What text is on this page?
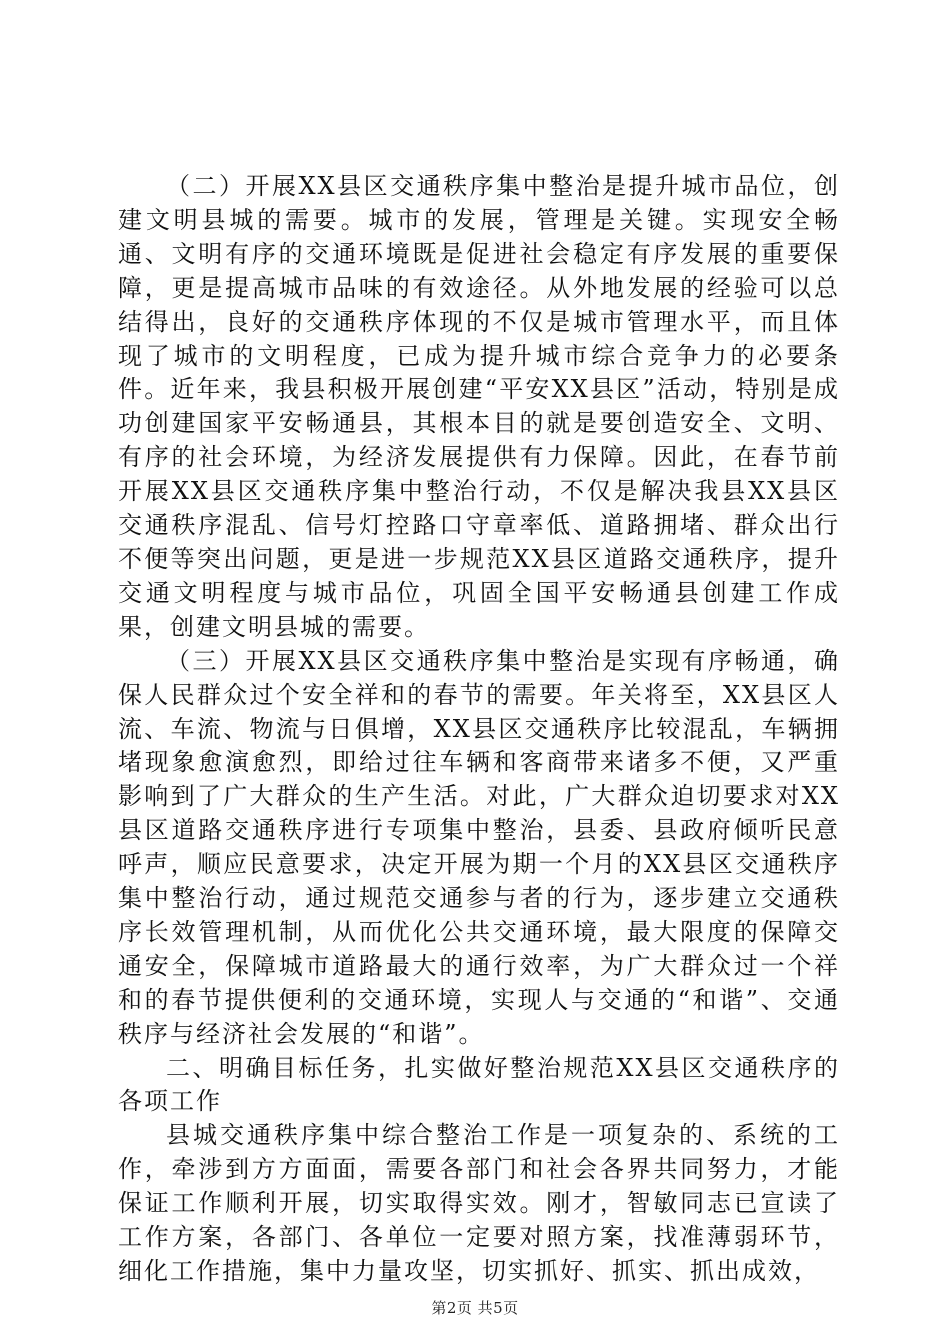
（二）开展XX县区交通秩序集中整治是提升城市品位，创建文明县城的需要。城市的发展，管理是关键。实现安全畅通、文明有序的交通环境既是促进社会稳定有序发展的重要保障，更是提高城市品味的有效途径。从外地发展的经验可以总结得出，良好的交通秩序体现的不仅是城市管理水平，而且体现了城市的文明程度，已成为提升城市综合竞争力的必要条件。近年来，我县积极开展创建“平安XX县区”活动，特别是成功创建国家平安畅通县，其根本目的就是要创造安全、文明、有序的社会环境，为经济发展提供有力保障。因此，在春节前开展XX县区交通秩序集中整治行动，不仅是解决我县XX县区交通秩序混乱、信号灯控路口守章率低、道路拥堵、群众出行不便等突出问题，更是进一步规范XX县区道路交通秩序，提升交通文明程度与城市品位，巩固全国平安畅通县创建工作成果，创建文明县城的需要。

（三）开展XX县区交通秩序集中整治是实现有序畅通，确保人民群众过个安全祥和的春节的需要。年关将至，XX县区人流、车流、物流与日俱增，XX县区交通秩序比较混乱，车辆拥堵现象愈演愈烈，即给过往车辆和客商带来诸多不便，又严重影响到了广大群众的生产生活。对此，广大群众迫切要求对XX县区道路交通秩序进行专项集中整治，县委、县政府倾听民意呼声，顺应民意要求，决定开展为期一个月的XX县区交通秩序集中整治行动，通过规范交通参与者的行为，逐步建立交通秩序长效管理机制，从而优化公共交通环境，最大限度的保障交通安全，保障城市道路最大的通行效率，为广大群众过一个祥和的春节提供便利的交通环境，实现人与交通的“和谐”、交通秩序与经济社会发展的“和谐”。

二、明确目标任务，扎实做好整治规范XX县区交通秩序的各项工作

县城交通秩序集中综合整治工作是一项复杂的、系统的工作，牵涉到方方面面，需要各部门和社会各界共同努力，才能保证工作顺利开展，切实取得实效。刚才，智敏同志已宣读了工作方案，各部门、各单位一定要对照方案，找准薄弱环节，细化工作措施，集中力量攻坚，切实抓好、抓实、抓出成效，

第2页 共5页
